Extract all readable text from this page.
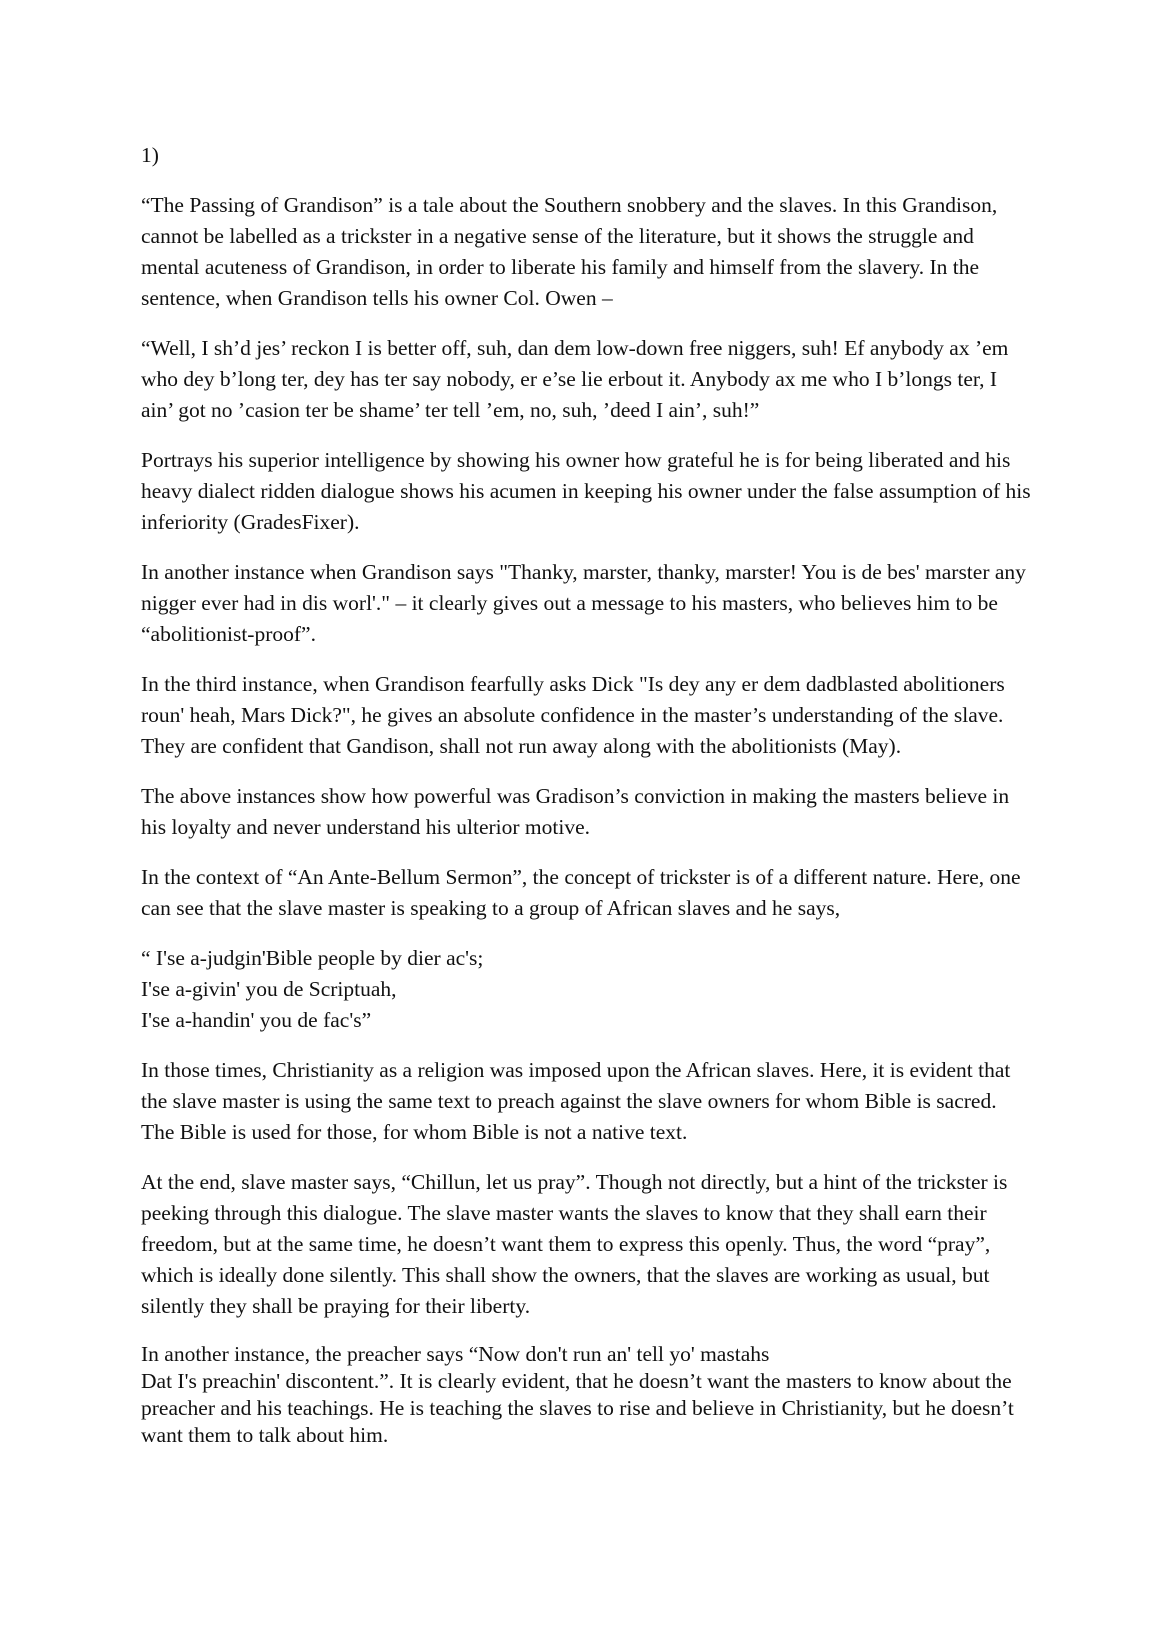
1)

“The Passing of Grandison” is a tale about the Southern snobbery and the slaves. In this Grandison, cannot be labelled as a trickster in a negative sense of the literature, but it shows the struggle and mental acuteness of Grandison, in order to liberate his family and himself from the slavery. In the sentence, when Grandison tells his owner Col. Owen –

“Well, I sh’d jes’ reckon I is better off, suh, dan dem low-down free niggers, suh! Ef anybody ax ’em who dey b’long ter, dey has ter say nobody, er e’se lie erbout it. Anybody ax me who I b’longs ter, I ain’ got no ’casion ter be shame’ ter tell ’em, no, suh, ’deed I ain’, suh!”

Portrays his superior intelligence by showing his owner how grateful he is for being liberated and his heavy dialect ridden dialogue shows his acumen in keeping his owner under the false assumption of his inferiority (GradesFixer).

In another instance when Grandison says "Thanky, marster, thanky, marster! You is de bes' marster any nigger ever had in dis worl'." – it clearly gives out a message to his masters, who believes him to be “abolitionist-proof”.

In the third instance, when Grandison fearfully asks Dick "Is dey any er dem dadblasted abolitioners roun' heah, Mars Dick?", he gives an absolute confidence in the master’s understanding of the slave. They are confident that Gandison, shall not run away along with the abolitionists (May).

The above instances show how powerful was Gradison’s conviction in making the masters believe in his loyalty and never understand his ulterior motive.

In the context of “An Ante-Bellum Sermon”, the concept of trickster is of a different nature. Here, one can see that the slave master is speaking to a group of African slaves and he says,

“ I'se a-judgin'Bible people by dier ac's;
I'se a-givin' you de Scriptuah,
I'se a-handin' you de fac's”

In those times, Christianity as a religion was imposed upon the African slaves. Here, it is evident that the slave master is using the same text to preach against the slave owners for whom Bible is sacred. The Bible is used for those, for whom Bible is not a native text.

At the end, slave master says, “Chillun, let us pray”. Though not directly, but a hint of the trickster is peeking through this dialogue. The slave master wants the slaves to know that they shall earn their freedom, but at the same time, he doesn’t want them to express this openly. Thus, the word “pray”, which is ideally done silently. This shall show the owners, that the slaves are working as usual, but silently they shall be praying for their liberty.

In another instance, the preacher says “Now don't run an' tell yo' mastahs
Dat I's preachin' discontent.”. It is clearly evident, that he doesn’t want the masters to know about the preacher and his teachings. He is teaching the slaves to rise and believe in Christianity, but he doesn’t want them to talk about him.
